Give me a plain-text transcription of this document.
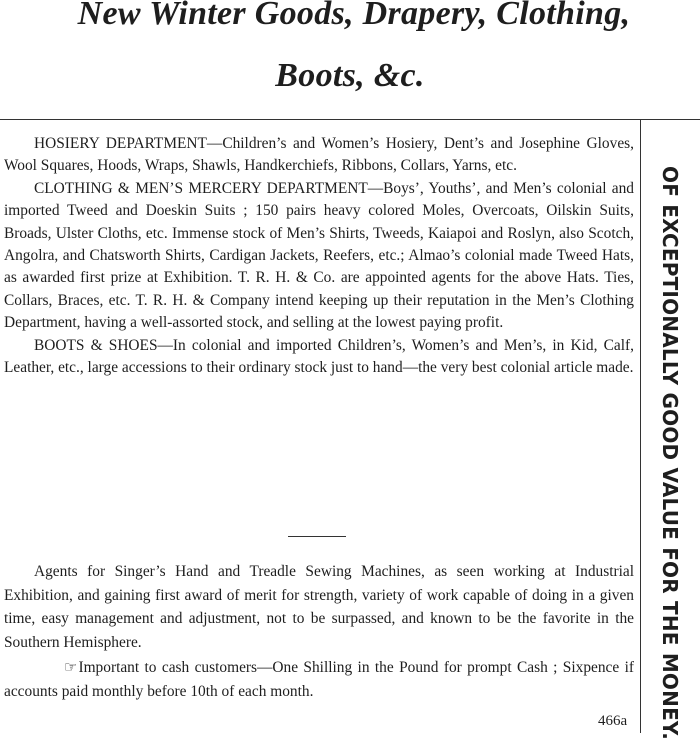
New Winter Goods, Drapery, Clothing,
Boots, &c.
OF EXCEPTIONALLY GOOD VALUE FOR THE MONEY.

HOSIERY DEPARTMENT—Children’s and Women’s Hosiery, Dent’s and Josephine Gloves, Wool Squares, Hoods, Wraps, Shawls, Handkerchiefs, Ribbons, Collars, Yarns, etc.

CLOTHING & MEN’S MERCERY DEPARTMENT—Boys’, Youths’, and Men’s colonial and imported Tweed and Doeskin Suits ; 150 pairs heavy colored Moles, Overcoats, Oilskin Suits, Broads, Ulster Cloths, etc. Immense stock of Men’s Shirts, Tweeds, Kaiapoi and Roslyn, also Scotch, Angolra, and Chatsworth Shirts, Cardigan Jackets, Reefers, etc.; Almao’s colonial made Tweed Hats, as awarded first prize at Exhibition. T. R. H. & Co. are appointed agents for the above Hats. Ties, Collars, Braces, etc. T. R. H. & Company intend keeping up their reputation in the Men’s Clothing Department, having a well-assorted stock, and selling at the lowest paying profit.

BOOTS & SHOES—In colonial and imported Children’s, Women’s and Men’s, in Kid, Calf, Leather, etc., large accessions to their ordinary stock just to hand—the very best colonial article made.

Agents for Singer’s Hand and Treadle Sewing Machines, as seen working at Industrial Exhibition, and gaining first award of merit for strength, variety of work capable of doing in a given time, easy management and adjustment, not to be surpassed, and known to be the favorite in the Southern Hemisphere.

☞Important to cash customers—One Shilling in the Pound for prompt Cash ; Sixpence if accounts paid monthly before 10th of each month.

466a
